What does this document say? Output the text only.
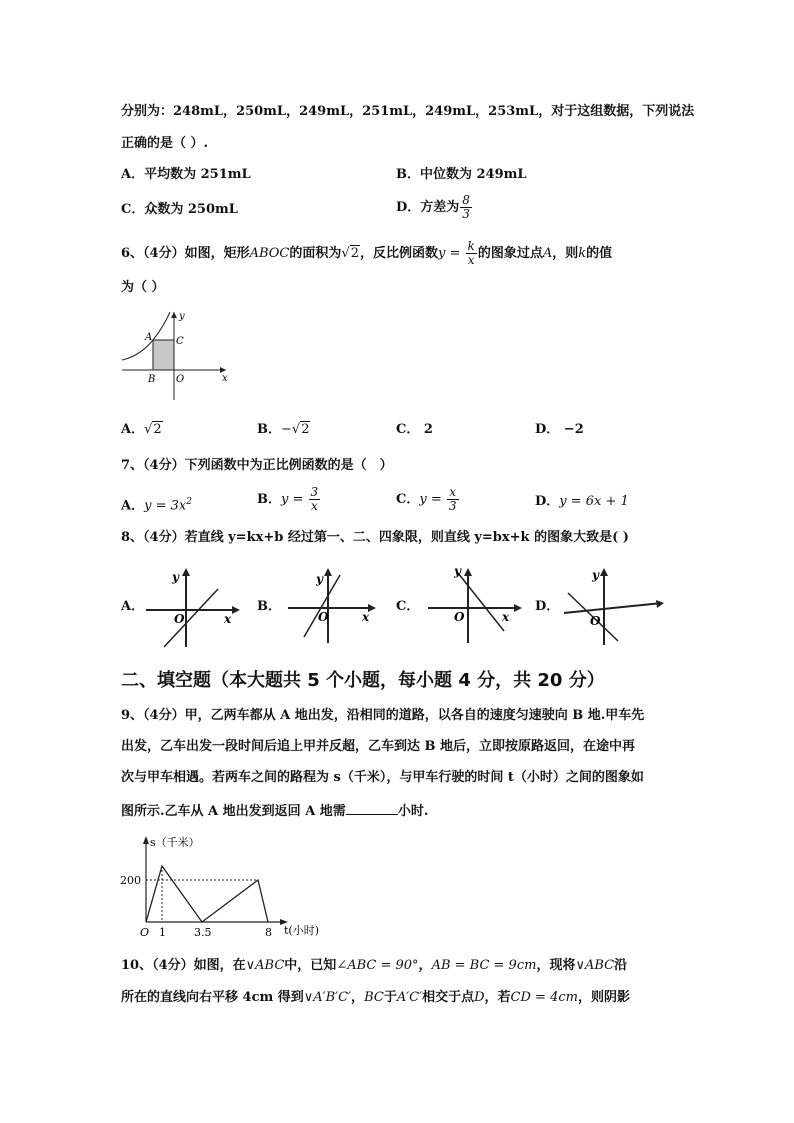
分别为：248mL，250mL，249mL，251mL，249mL，253mL，对于这组数据，下列说法
正确的是（ ）.
A．平均数为 251mL	B．中位数为 249mL
C．众数为 250mL	D．方差为 $\frac{8}{3}$
6、（4分）如图，矩形ABOC的面积为√2，反比例函数$y = \frac{k}{x}$ 的图象过点A，则k的值
为（ ）
y
A C
B O	x
A．√2	B．−√2	C． 2	D． −2
7、（4分）下列函数中为正比例函数的是（　）
A．$y = 3x^2$	B．$y = \frac{3}{x}$	C．$y = \frac{x}{3}$	D．y = 6x + 1
8、（4分）若直线 y=kx+b 经过第一、二、四象限，则直线 y=bx+k 的图象大致是( )
A．
y
x
O
B．
y
x
O
C．
y
x
O
D．
y
O
二、填空题（本大题共 5 个小题，每小题 4 分，共 20 分）
9、（4分）甲，乙两车都从 A 地出发，沿相同的道路，以各自的速度匀速驶向 B 地.甲车先
出发，乙车出发一段时间后追上甲并反超，乙车到达 B 地后，立即按原路返回，在途中再
次与甲车相遇。若两车之间的路程为 s（千米），与甲车行驶的时间 t（小时）之间的图象如
图所示.乙车从 A 地出发到返回 A 地需	小时.
s（千米）
t(小时)
O
200
1	3.5	8
10、（4分）如图，在∨ABC中，已知∠ABC = 90°，AB = BC = 9cm，现将∨ABC沿
所在的直线向右平移 4cm 得到∨A′B′C′，BC于A′C′相交于点D，若CD = 4cm，则阴影
